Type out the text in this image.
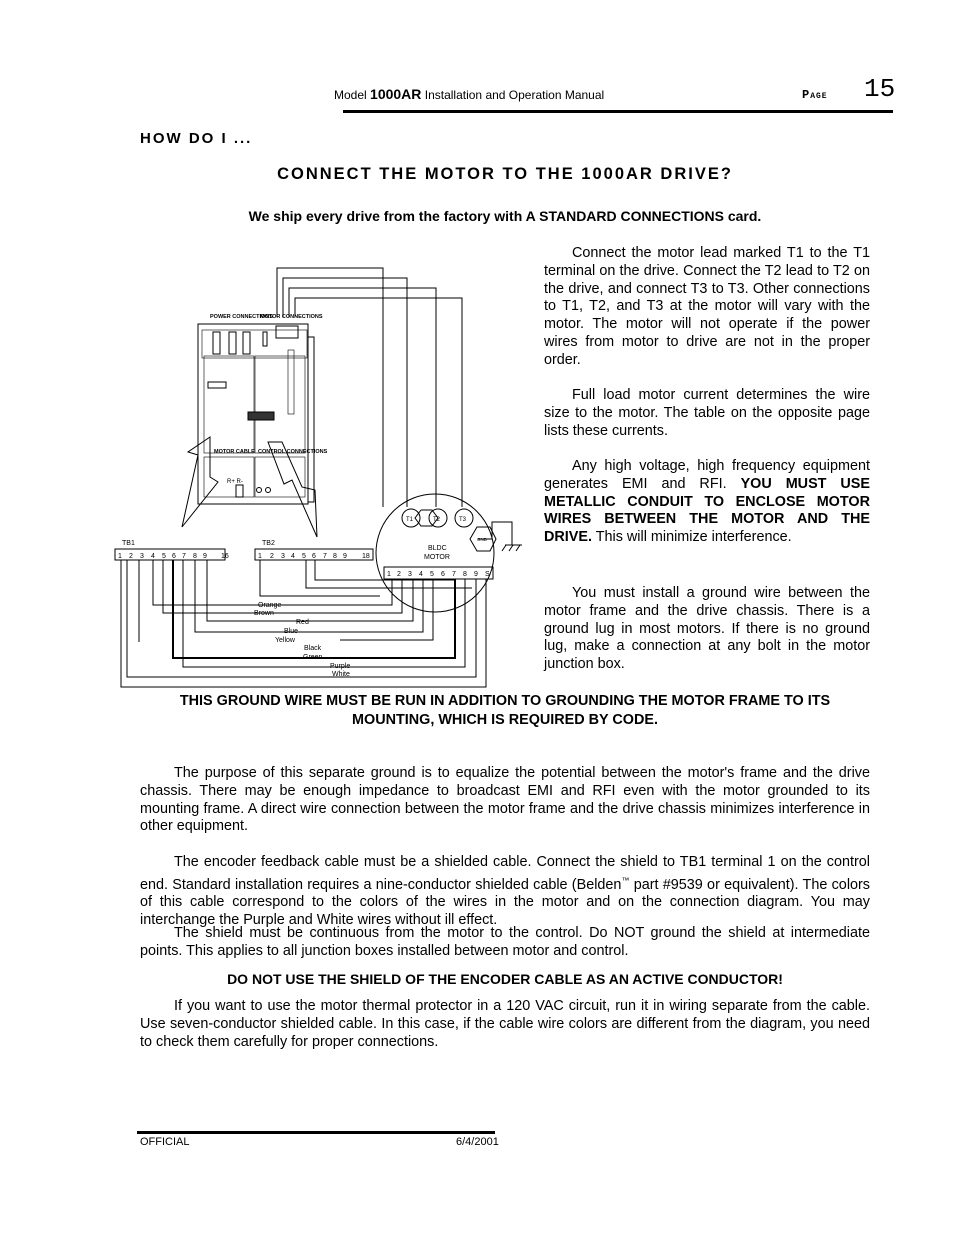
Model 1000AR Installation and Operation Manual	Page 15
HOW DO I ...
CONNECT THE MOTOR TO THE 1000AR DRIVE?
We ship every drive from the factory with A STANDARD CONNECTIONS card.
POWER CONNECTIONS
MOTOR CONNECTIONS
MOTOR CABLE CONTROL CONNECTIONS
R+ R-
TB1	TB2
BLDC
MOTOR
T1	T2	T3
GND
1 2 3 4 5 6 7 8 9 16	1 2 3 4 5 6 7 8 9 18
1 2 3 4 5 6 7 8 9 S
Orange
Brown
Red
Blue
Yellow
Black
Green
Purple
White

Connect the motor lead marked T1 to the T1 terminal on the drive. Connect the T2 lead to T2 on the drive, and connect T3 to T3. Other connections to T1, T2, and T3 at the motor will vary with the motor. The motor will not operate if the power wires from motor to drive are not in the proper order.

Full load motor current determines the wire size to the motor. The table on the opposite page lists these currents.

Any high voltage, high frequency equipment generates EMI and RFI. YOU MUST USE METALLIC CONDUIT TO ENCLOSE MOTOR WIRES BETWEEN THE MOTOR AND THE DRIVE. This will minimize interference.

You must install a ground wire between the motor frame and the drive chassis. There is a ground lug in most motors. If there is no ground lug, make a connection at any bolt in the motor junction box.

THIS GROUND WIRE MUST BE RUN IN ADDITION TO GROUNDING THE MOTOR FRAME TO ITS MOUNTING, WHICH IS REQUIRED BY CODE.

The purpose of this separate ground is to equalize the potential between the motor's frame and the drive chassis. There may be enough impedance to broadcast EMI and RFI even with the motor grounded to its mounting frame. A direct wire connection between the motor frame and the drive chassis minimizes interference in other equipment.

The encoder feedback cable must be a shielded cable. Connect the shield to TB1 terminal 1 on the control end. Standard installation requires a nine-conductor shielded cable (Belden™ part #9539 or equivalent). The colors of this cable correspond to the colors of the wires in the motor and on the connection diagram. You may interchange the Purple and White wires without ill effect.

The shield must be continuous from the motor to the control. Do NOT ground the shield at intermediate points. This applies to all junction boxes installed between motor and control.

DO NOT USE THE SHIELD OF THE ENCODER CABLE AS AN ACTIVE CONDUCTOR!

If you want to use the motor thermal protector in a 120 VAC circuit, run it in wiring separate from the cable. Use seven-conductor shielded cable. In this case, if the cable wire colors are different from the diagram, you need to check them carefully for proper connections.

OFFICIAL	6/4/2001
